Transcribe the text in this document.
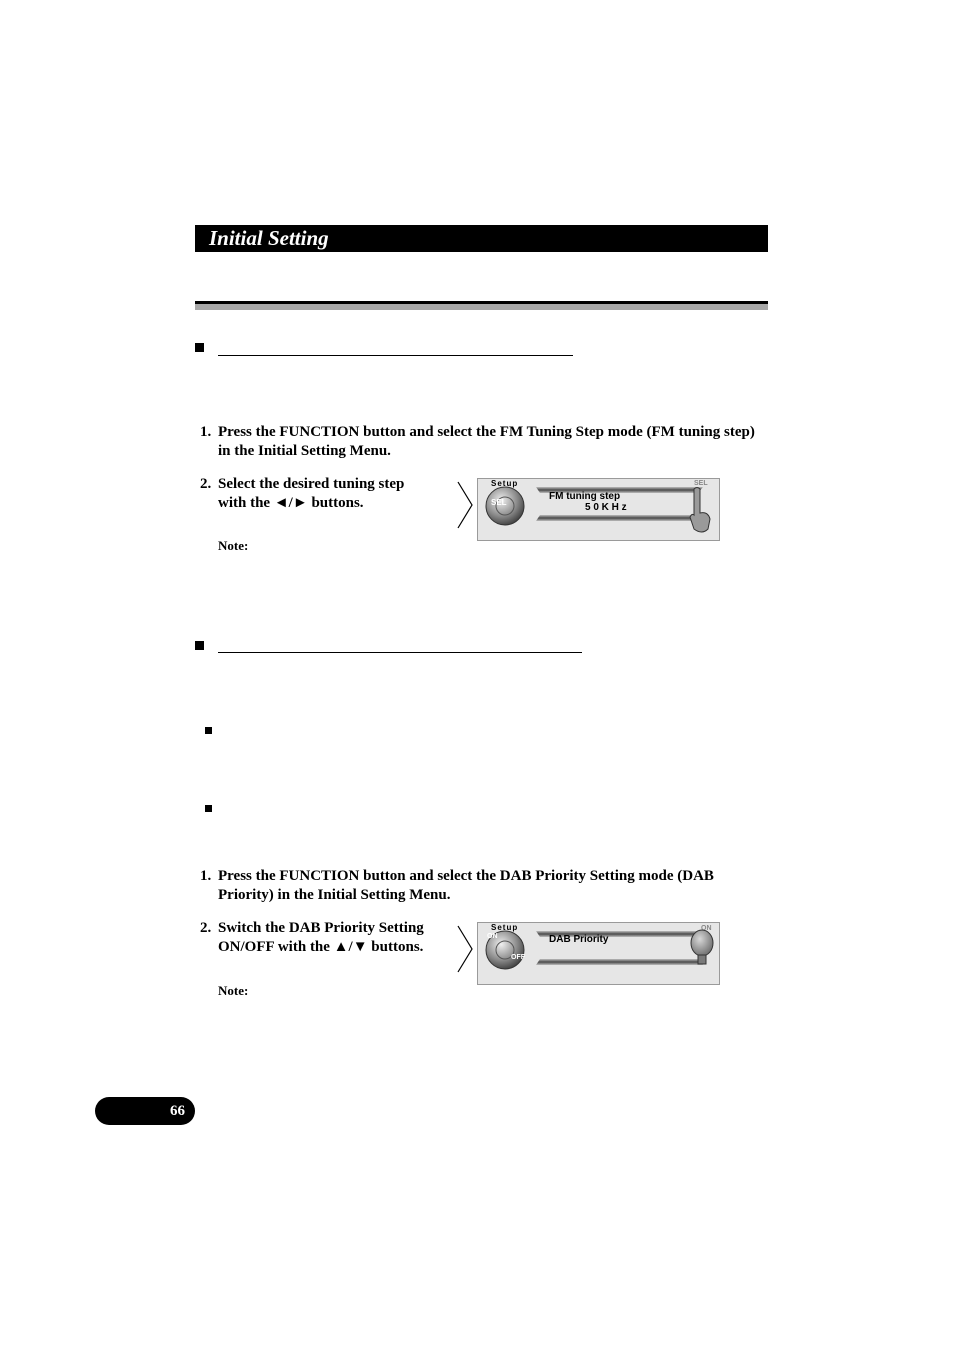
Initial Setting
1. Press the FUNCTION button and select the FM Tuning Step mode (FM tuning step) in the Initial Setting Menu.
2. Select the desired tuning step with the ◄/► buttons.
Note:
Setup
SEL
FM tuning step
5 0 K H z
SEL
1. Press the FUNCTION button and select the DAB Priority Setting mode (DAB Priority) in the Initial Setting Menu.
2. Switch the DAB Priority Setting ON/OFF with the ▲/▼ buttons.
Note:
Setup
ON
OFF
DAB Priority
ON
66
